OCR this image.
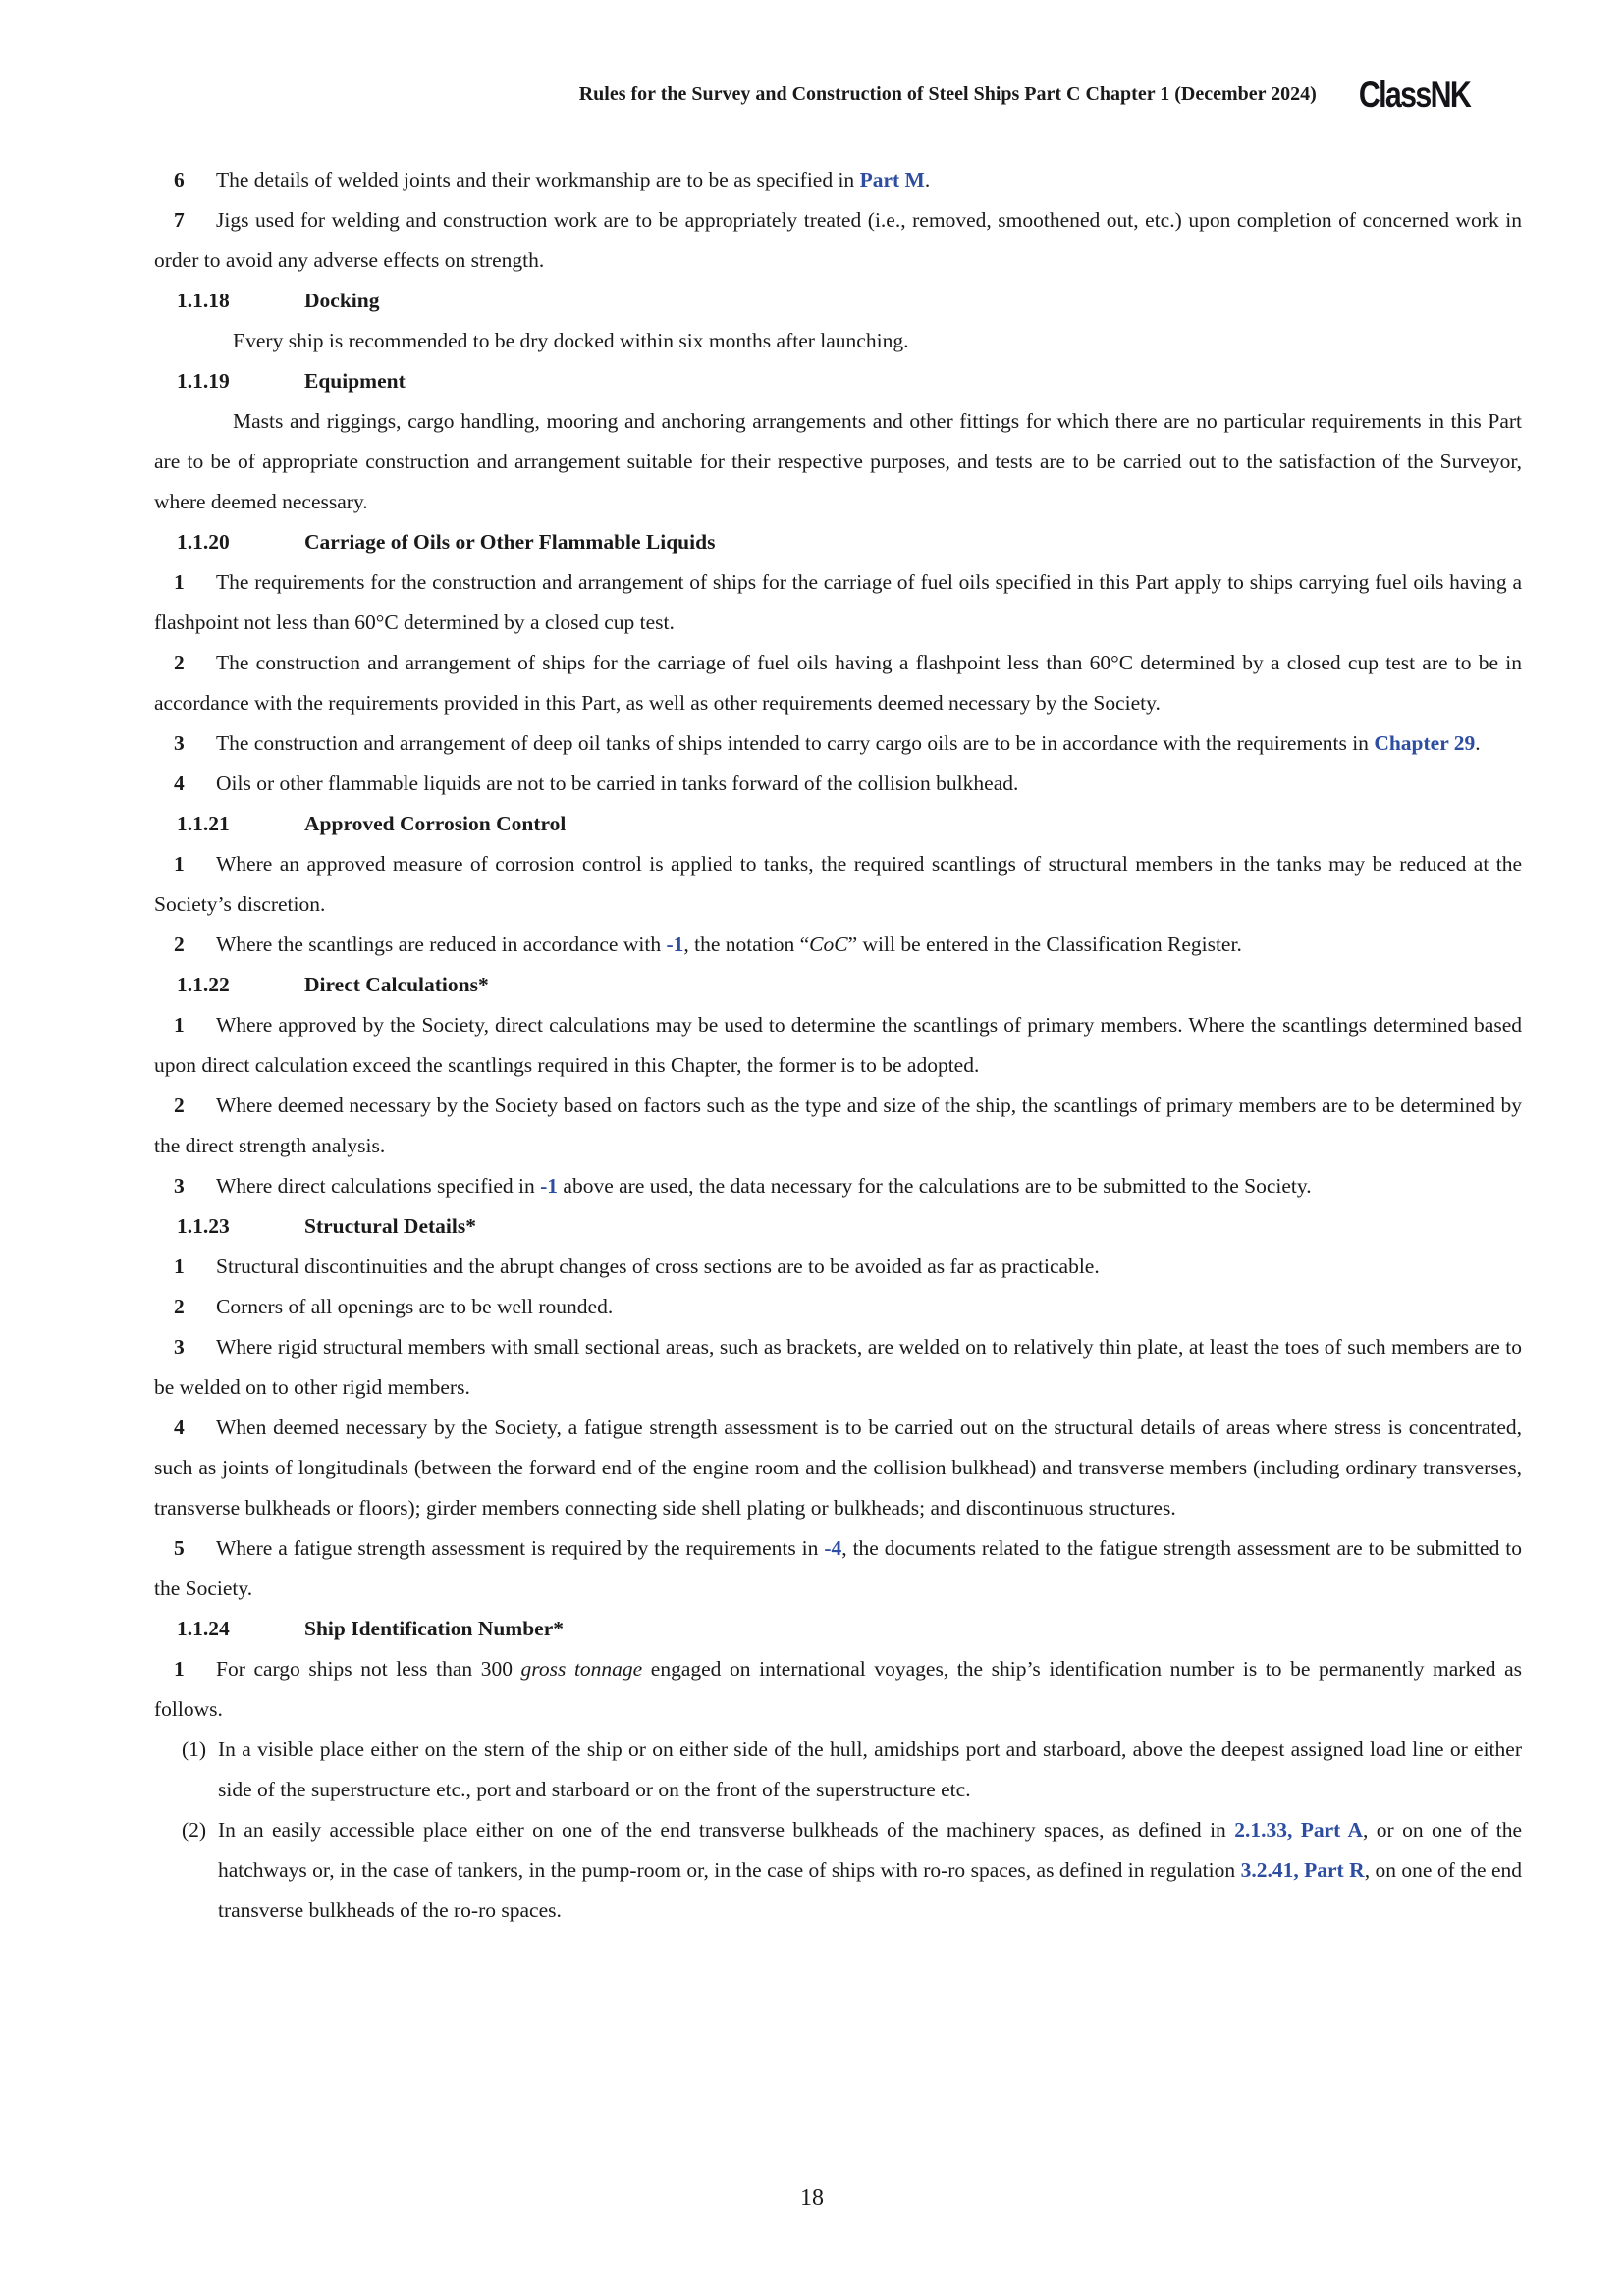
Rules for the Survey and Construction of Steel Ships Part C Chapter 1 (December 2024) ClassNK
6 The details of welded joints and their workmanship are to be as specified in Part M.
7 Jigs used for welding and construction work are to be appropriately treated (i.e., removed, smoothened out, etc.) upon completion of concerned work in order to avoid any adverse effects on strength.
1.1.18	Docking
Every ship is recommended to be dry docked within six months after launching.
1.1.19	Equipment
Masts and riggings, cargo handling, mooring and anchoring arrangements and other fittings for which there are no particular requirements in this Part are to be of appropriate construction and arrangement suitable for their respective purposes, and tests are to be carried out to the satisfaction of the Surveyor, where deemed necessary.
1.1.20	Carriage of Oils or Other Flammable Liquids
1 The requirements for the construction and arrangement of ships for the carriage of fuel oils specified in this Part apply to ships carrying fuel oils having a flashpoint not less than 60°C determined by a closed cup test.
2 The construction and arrangement of ships for the carriage of fuel oils having a flashpoint less than 60°C determined by a closed cup test are to be in accordance with the requirements provided in this Part, as well as other requirements deemed necessary by the Society.
3 The construction and arrangement of deep oil tanks of ships intended to carry cargo oils are to be in accordance with the requirements in Chapter 29.
4 Oils or other flammable liquids are not to be carried in tanks forward of the collision bulkhead.
1.1.21	Approved Corrosion Control
1 Where an approved measure of corrosion control is applied to tanks, the required scantlings of structural members in the tanks may be reduced at the Society’s discretion.
2 Where the scantlings are reduced in accordance with -1, the notation “CoC” will be entered in the Classification Register.
1.1.22	Direct Calculations*
1 Where approved by the Society, direct calculations may be used to determine the scantlings of primary members. Where the scantlings determined based upon direct calculation exceed the scantlings required in this Chapter, the former is to be adopted.
2 Where deemed necessary by the Society based on factors such as the type and size of the ship, the scantlings of primary members are to be determined by the direct strength analysis.
3 Where direct calculations specified in -1 above are used, the data necessary for the calculations are to be submitted to the Society.
1.1.23	Structural Details*
1 Structural discontinuities and the abrupt changes of cross sections are to be avoided as far as practicable.
2 Corners of all openings are to be well rounded.
3 Where rigid structural members with small sectional areas, such as brackets, are welded on to relatively thin plate, at least the toes of such members are to be welded on to other rigid members.
4 When deemed necessary by the Society, a fatigue strength assessment is to be carried out on the structural details of areas where stress is concentrated, such as joints of longitudinals (between the forward end of the engine room and the collision bulkhead) and transverse members (including ordinary transverses, transverse bulkheads or floors); girder members connecting side shell plating or bulkheads; and discontinuous structures.
5 Where a fatigue strength assessment is required by the requirements in -4, the documents related to the fatigue strength assessment are to be submitted to the Society.
1.1.24	Ship Identification Number*
1 For cargo ships not less than 300 gross tonnage engaged on international voyages, the ship’s identification number is to be permanently marked as follows.
(1) In a visible place either on the stern of the ship or on either side of the hull, amidships port and starboard, above the deepest assigned load line or either side of the superstructure etc., port and starboard or on the front of the superstructure etc.
(2) In an easily accessible place either on one of the end transverse bulkheads of the machinery spaces, as defined in 2.1.33, Part A, or on one of the hatchways or, in the case of tankers, in the pump-room or, in the case of ships with ro-ro spaces, as defined in regulation 3.2.41, Part R, on one of the end transverse bulkheads of the ro-ro spaces.
18
